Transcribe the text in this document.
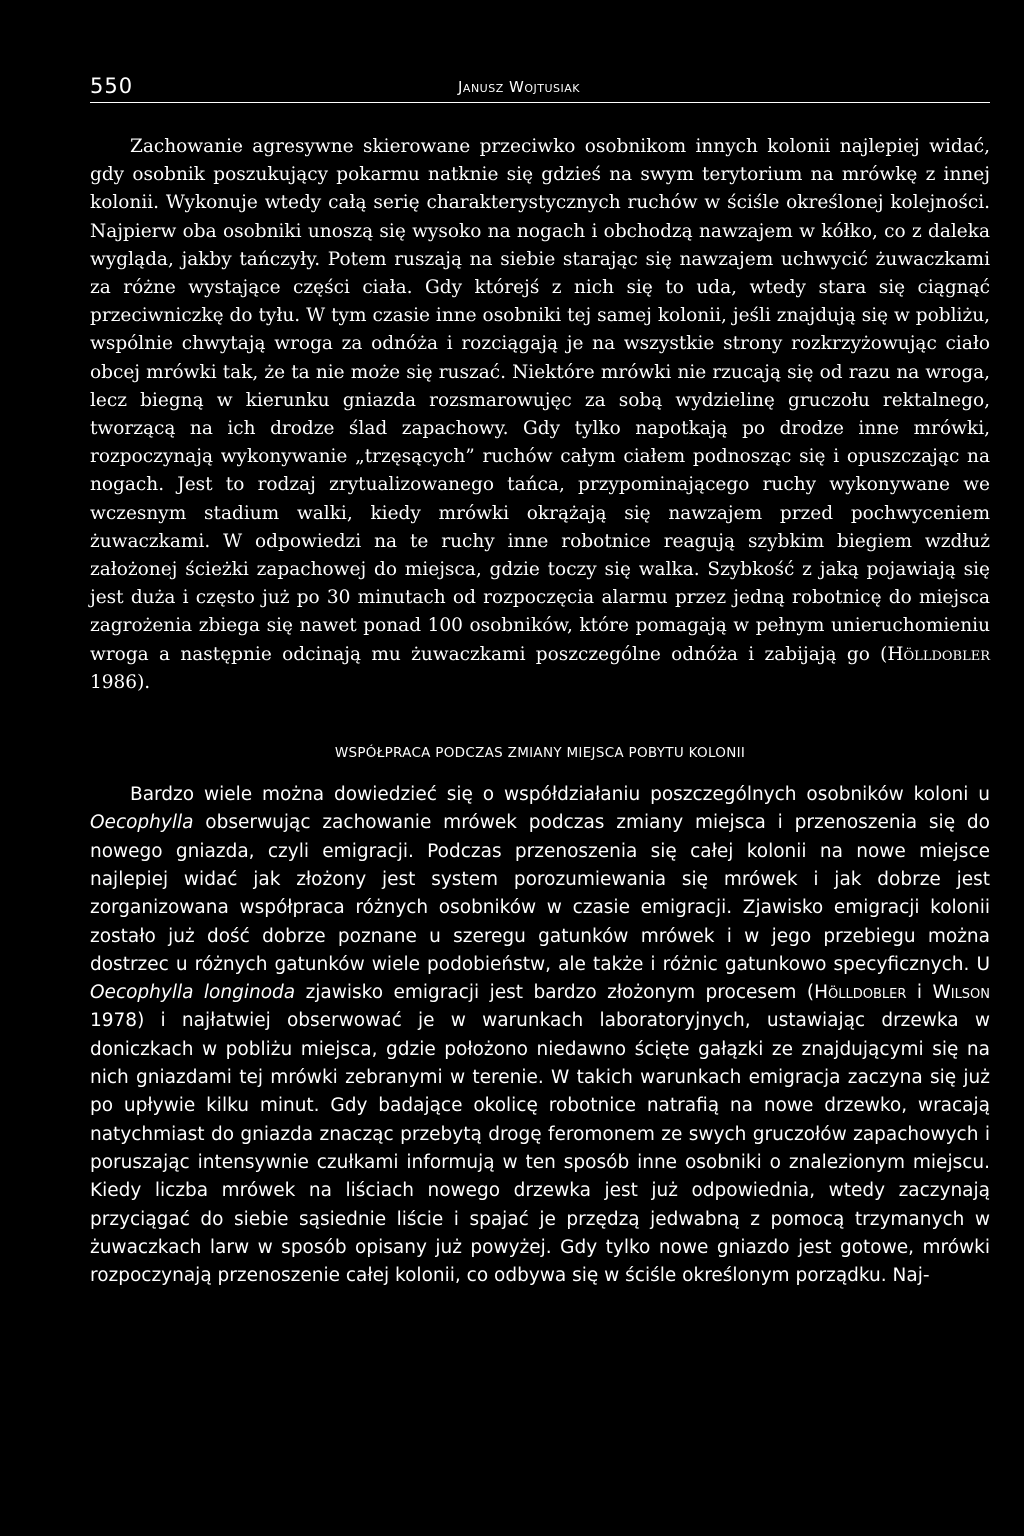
550	Janusz Wojtusiak

Zachowanie agresywne skierowane przeciwko osobnikom innych kolonii najlepiej widać, gdy osobnik poszukujący pokarmu natknie się gdzieś na swym terytorium na mrówkę z innej kolonii. Wykonuje wtedy całą serię charakterystycznych ruchów w ściśle określonej kolejności. Najpierw oba osobniki unoszą się wysoko na nogach i obchodzą nawzajem w kółko, co z daleka wygląda, jakby tańczyły. Potem ruszają na siebie starając się nawzajem uchwycić żuwaczkami za różne wystające części ciała. Gdy którejś z nich się to uda, wtedy stara się ciągnąć przeciwniczkę do tyłu. W tym czasie inne osobniki tej samej kolonii, jeśli znajdują się w pobliżu, wspólnie chwytają wroga za odnóża i rozciągają je na wszystkie strony rozkrzyżowując ciało obcej mrówki tak, że ta nie może się ruszać. Niektóre mrówki nie rzucają się od razu na wroga, lecz biegną w kierunku gniazda rozsmarowujęc za sobą wydzielinę gruczołu rektalnego, tworzącą na ich drodze ślad zapachowy. Gdy tylko napotkają po drodze inne mrówki, rozpoczynają wykonywanie „trzęsących” ruchów całym ciałem podnosząc się i opuszczając na nogach. Jest to rodzaj zrytualizowanego tańca, przypominającego ruchy wykonywane we wczesnym stadium walki, kiedy mrówki okrążają się nawzajem przed pochwyceniem żuwaczkami. W odpowiedzi na te ruchy inne robotnice reagują szybkim biegiem wzdłuż założonej ścieżki zapachowej do miejsca, gdzie toczy się walka. Szybkość z jaką pojawiają się jest duża i często już po 30 minutach od rozpoczęcia alarmu przez jedną robotnicę do miejsca zagrożenia zbiega się nawet ponad 100 osobników, które pomagają w pełnym unieruchomieniu wroga a następnie odcinają mu żuwaczkami poszczególne odnóża i zabijają go (Hölldobler 1986).

WSPÓŁPRACA PODCZAS ZMIANY MIEJSCA POBYTU KOLONII

Bardzo wiele można dowiedzieć się o współdziałaniu poszczególnych osobników koloni u Oecophylla obserwując zachowanie mrówek podczas zmiany miejsca i przenoszenia się do nowego gniazda, czyli emigracji. Podczas przenoszenia się całej kolonii na nowe miejsce najlepiej widać jak złożony jest system porozumiewania się mrówek i jak dobrze jest zorganizowana współpraca różnych osobników w czasie emigracji. Zjawisko emigracji kolonii zostało już dość dobrze poznane u szeregu gatunków mrówek i w jego przebiegu można dostrzec u różnych gatunków wiele podobieństw, ale także i różnic gatunkowo specyficznych. U Oecophylla longinoda zjawisko emigracji jest bardzo złożonym procesem (Hölldobler i Wilson 1978) i najłatwiej obserwować je w warunkach laboratoryjnych, ustawiając drzewka w doniczkach w pobliżu miejsca, gdzie położono niedawno ścięte gałązki ze znajdującymi się na nich gniazdami tej mrówki zebranymi w terenie. W takich warunkach emigracja zaczyna się już po upływie kilku minut. Gdy badające okolicę robotnice natrafią na nowe drzewko, wracają natychmiast do gniazda znacząc przebytą drogę feromonem ze swych gruczołów zapachowych i poruszając intensywnie czułkami informują w ten sposób inne osobniki o znalezionym miejscu. Kiedy liczba mrówek na liściach nowego drzewka jest już odpowiednia, wtedy zaczynają przyciągać do siebie sąsiednie liście i spajać je przędzą jedwabną z pomocą trzymanych w żuwaczkach larw w sposób opisany już powyżej. Gdy tylko nowe gniazdo jest gotowe, mrówki rozpoczynają przenoszenie całej kolonii, co odbywa się w ściśle określonym porządku. Naj-
